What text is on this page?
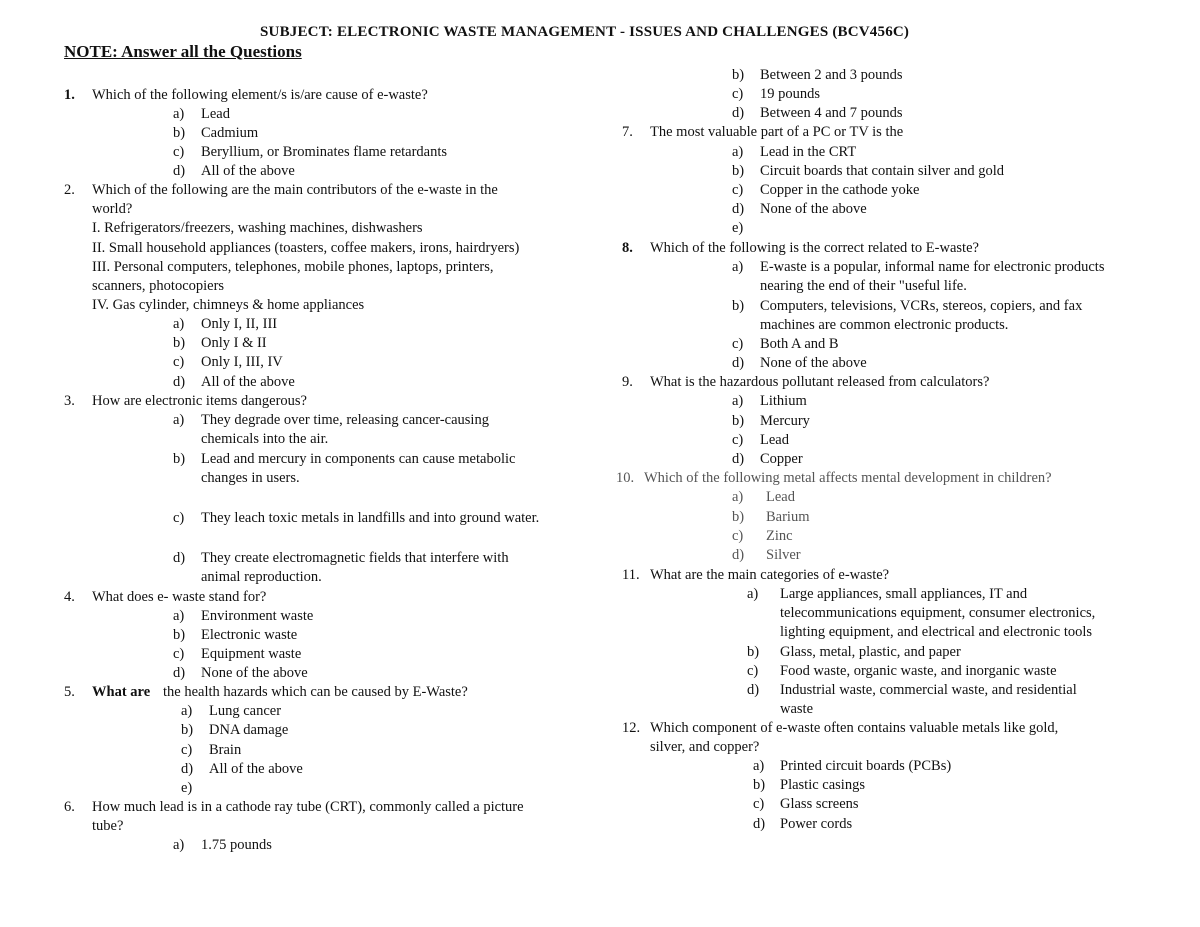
SUBJECT: ELECTRONIC WASTE MANAGEMENT - ISSUES AND CHALLENGES (BCV456C)
NOTE: Answer all the Questions
1. Which of the following element/s is/are cause of e-waste?
a) Lead
b) Cadmium
c) Beryllium, or Brominates flame retardants
d) All of the above
2. Which of the following are the main contributors of the e-waste in the
world?
I. Refrigerators/freezers, washing machines, dishwashers
II. Small household appliances (toasters, coffee makers, irons, hairdryers)
III. Personal computers, telephones, mobile phones, laptops, printers,
scanners, photocopiers
IV. Gas cylinder, chimneys & home appliances
a) Only I, II, III
b) Only I & II
c) Only I, III, IV
d) All of the above
3. How are electronic items dangerous?
a) They degrade over time, releasing cancer-causing
chemicals into the air.
b) Lead and mercury in components can cause metabolic
changes in users.
c) They leach toxic metals in landfills and into ground water.
d) They create electromagnetic fields that interfere with
animal reproduction.
4. What does e- waste stand for?
a) Environment waste
b) Electronic waste
c) Equipment waste
d) None of the above
5. What are the health hazards which can be caused by E-Waste?
a) Lung cancer
b) DNA damage
c) Brain
d) All of the above
e)
6. How much lead is in a cathode ray tube (CRT), commonly called a picture
tube?
a) 1.75 pounds
b) Between 2 and 3 pounds
c) 19 pounds
d) Between 4 and 7 pounds
7. The most valuable part of a PC or TV is the
a) Lead in the CRT
b) Circuit boards that contain silver and gold
c) Copper in the cathode yoke
d) None of the above
e)
8. Which of the following is the correct related to E-waste?
a) E-waste is a popular, informal name for electronic products
nearing the end of their "useful life.
b) Computers, televisions, VCRs, stereos, copiers, and fax
machines are common electronic products.
c) Both A and B
d) None of the above
9. What is the hazardous pollutant released from calculators?
a) Lithium
b) Mercury
c) Lead
d) Copper
10. Which of the following metal affects mental development in children?
a) Lead
b) Barium
c) Zinc
d) Silver
11. What are the main categories of e-waste?
a) Large appliances, small appliances, IT and
telecommunications equipment, consumer electronics,
lighting equipment, and electrical and electronic tools
b) Glass, metal, plastic, and paper
c) Food waste, organic waste, and inorganic waste
d) Industrial waste, commercial waste, and residential
waste
12. Which component of e-waste often contains valuable metals like gold,
silver, and copper?
a) Printed circuit boards (PCBs)
b) Plastic casings
c) Glass screens
d) Power cords
